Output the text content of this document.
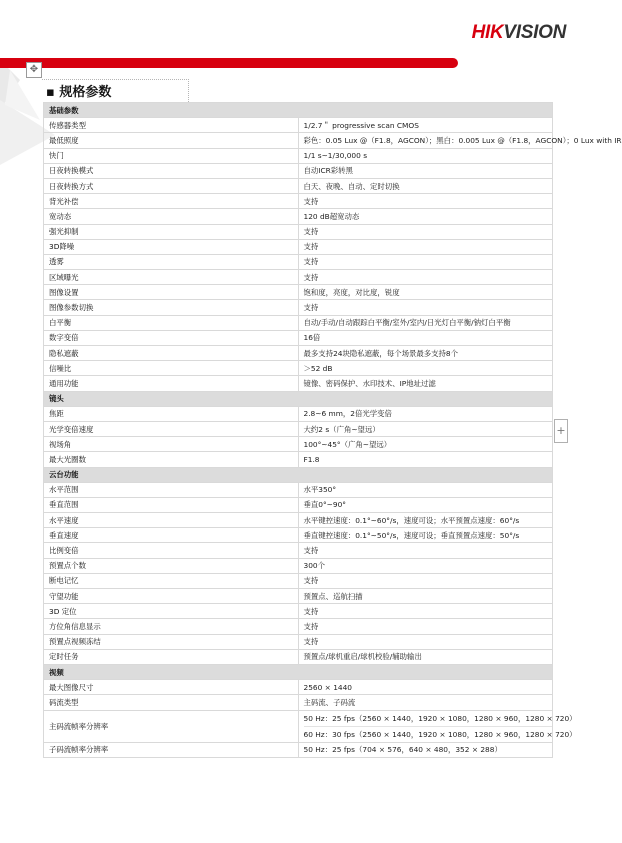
HIKVISION
✥
▪ 规格参数
+
基础参数	
传感器类型	1/2.7＂ progressive scan CMOS
最低照度	彩色：0.05 Lux @（F1.8，AGCON）；黑白：0.005 Lux @（F1.8，AGCON）；0 Lux with IR
快门	1/1 s~1/30,000 s
日夜转换模式	自动ICR彩转黑
日夜转换方式	白天、夜晚、自动、定时切换
背光补偿	支持
宽动态	120 dB超宽动态
强光抑制	支持
3D降噪	支持
透雾	支持
区域曝光	支持
图像设置	饱和度，亮度，对比度，锐度
图像参数切换	支持
白平衡	自动/手动/自动跟踪白平衡/室外/室内/日光灯白平衡/钠灯白平衡
数字变倍	16倍
隐私遮蔽	最多支持24块隐私遮蔽，每个场景最多支持8个
信噪比	＞52 dB
通用功能	镜像、密码保护、水印技术、IP地址过滤
镜头	
焦距	2.8~6 mm，2倍光学变倍
光学变倍速度	大约2 s（广角~望远）
视场角	100°~45°（广角~望远）
最大光圈数	F1.8
云台功能	
水平范围	水平350°
垂直范围	垂直0°~90°
水平速度	水平键控速度：0.1°~60°/s，速度可设；水平预置点速度：60°/s
垂直速度	垂直键控速度：0.1°~50°/s，速度可设；垂直预置点速度：50°/s
比例变倍	支持
预置点个数	300个
断电记忆	支持
守望功能	预置点、巡航扫描
3D 定位	支持
方位角信息显示	支持
预置点视频冻结	支持
定时任务	预置点/球机重启/球机校验/辅助输出
视频	
最大图像尺寸	2560 × 1440
码流类型	主码流、子码流
主码流帧率分辨率	50 Hz：25 fps（2560 × 1440，1920 × 1080，1280 × 960，1280 × 720）
60 Hz：30 fps（2560 × 1440，1920 × 1080，1280 × 960，1280 × 720）

子码流帧率分辨率	50 Hz：25 fps（704 × 576，640 × 480，352 × 288）
